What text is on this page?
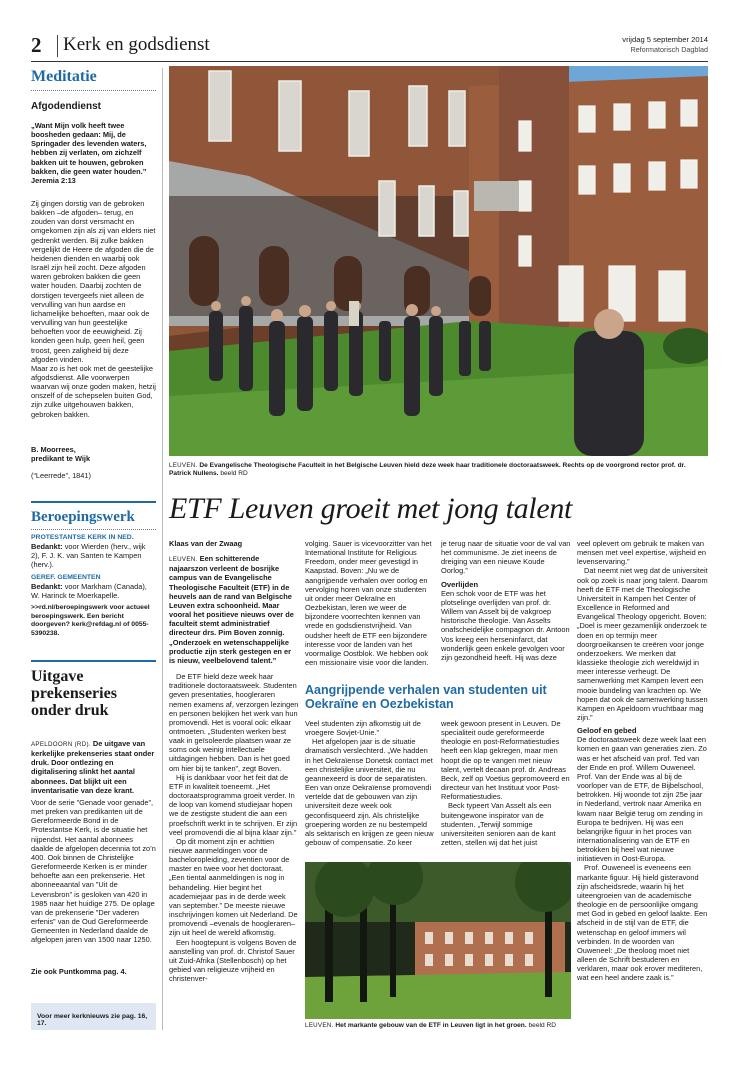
2 Kerk en godsdienst	vrijdag 5 september 2014
Reformatorisch Dagblad
Meditatie
Afgodendienst
„Want Mijn volk heeft twee boosheden gedaan: Mij, de Springader des levenden waters, hebben zij verlaten, om zichzelf bakken uit te houwen, gebroken bakken, die geen water houden.”
Jeremia 2:13

Zij gingen dorstig van de gebroken bakken –de afgoden– terug, en zouden van dorst versmacht en omgekomen zijn als zij van elders niet gedrenkt werden. Bij zulke bakken vergelijkt de Heere de afgoden die de heidenen dienden en waarbij ook Israël zijn heil zocht. Deze afgoden waren gebroken bakken die geen water houden. Daarbij zochten de dorstigen tevergeefs niet alleen de vervulling van hun aardse en lichamelijke behoeften, maar ook de vervulling van hun geestelijke behoeften voor de eeuwigheid. Zij konden geen hulp, geen heil, geen troost, geen zaligheid bij deze afgoden vinden.

Maar zo is het ook met de geestelijke afgodsdienst. Alle voorwerpen waarvan wij onze goden maken, hetzij onszelf of de schepselen buiten God, zijn zulke uitgehouwen bakken, gebroken bakken.

B. Moorrees,
predikant te Wijk
(“Leerrede”, 1841)
Beroepingswerk
PROTESTANTSE KERK IN NED.
Bedankt: voor Wierden (herv., wijk 2), F. J. K. van Santen te Kampen (herv.).
GEREF. GEMEENTEN
Bedankt: voor Markham (Canada), W. Harinck te Moerkapelle.
>>rd.nl/beroepingswerk voor actueel beroepingswerk. Een bericht doorgeven? kerk@refdag.nl of 0055-5390238.
Uitgave prekenseries onder druk
APELDOORN (RD). De uitgave van kerkelijke prekenseries staat onder druk. Door ontlezing en digitalisering slinkt het aantal abonnees. Dat blijkt uit een inventarisatie van deze krant.

Voor de serie ”Genade voor genade”, met preken van predikanten uit de Gereformeerde Bond in de Protestantse Kerk, is de situatie het nijpendst. Het aantal abonnees daalde de afgelopen decennia tot zo’n 400. Ook binnen de Christelijke Gereformeerde Kerken is er minder behoefte aan een prekenserie. Het abonneeaantal van ”Uit de Levensbron” is gesloken van 420 in 1985 naar het huidige 275. De oplage van de prekenserie ”Der vaderen erfenis” van de Oud Gereformeerde Gemeenten in Nederland daalde de afgelopen jaren van 1500 naar 1250.

Zie ook Puntkomma pag. 4.
Voor meer kerknieuws zie pag. 16, 17.
LEUVEN. De Evangelische Theologische Faculteit in het Belgische Leuven hield deze week haar traditionele doctoraatsweek. Rechts op de voorgrond rector prof. dr. Patrick Nullens. beeld RD
ETF Leuven groeit met jong talent

Klaas van der Zwaag

LEUVEN. Een schitterende najaarszon verleent de bosrijke campus van de Evangelische Theologische Faculteit (ETF) in de heuvels aan de rand van Belgische Leuven extra schoonheid. Maar vooral het positieve nieuws over de faculteit stemt administratief directeur drs. Pim Boven zonnig. „Onderzoek en wetenschappelijke productie zijn sterk gestegen en er is nieuw, veelbelovend talent.”

De ETF hield deze week haar traditionele doctoraatsweek. Studenten geven presentaties, hoogleraren nemen examens af, verzorgen lezingen en personen bekijken het werk van hun promovendi. Het is vooral ook: elkaar ontmoeten. „Studenten werken best vaak in geïsoleerde plaatsen waar ze soms ook weinig intellectuele uitdagingen hebben. Dan is het goed om hier bij te tanken”, zegt Boven.

Hij is dankbaar voor het feit dat de ETF in kwaliteit toeneemt. „Het doctoraatsprogramma groeit verder. In de loop van komend studiejaar hopen we de zestigste student die aan een proefschrift werkt in te schrijven. Er zijn veel promovendi die al bijna klaar zijn.”

Op dit moment zijn er achttien nieuwe aanmeldingen voor de bacheloropleiding, zeventien voor de master en twee voor het doctoraat. „Een tiental aanmeldingen is nog in behandeling. Hier begint het academiejaar pas in de derde week van september.” De meeste nieuwe inschrijvingen komen uit Nederland. De promovendi –evenals de hoogleraren– zijn uit heel de wereld afkomstig.

Een hoogtepunt is volgens Boven de aanstelling van prof. dr. Christof Sauer uit Zuid-Afrika (Stellenbosch) op het gebied van religieuze vrijheid en christenver-

volging. Sauer is vicevoorzitter van het International Institute for Religious Freedom, onder meer gevestigd in Kaapstad. Boven: „Nu we de aangrijpende verhalen over oorlog en vervolging horen van onze studenten uit onder meer Oekraïne en Oezbekistan, leren we weer de bijzondere voorrechten kennen van vrede en godsdienstvrijheid. Van oudsher heeft de ETF een bijzondere interesse voor de landen van het voormalige Oostblok. We hebben ook een missionaire visie voor die landen.

je terug naar de situatie voor de val van het communisme. Je ziet ineens de dreiging van een nieuwe Koude Oorlog.”

Overlijden

Een schok voor de ETF was het plotselinge overlijden van prof. dr. Willem van Asselt bij de vakgroep historische theologie. Van Asselts onafscheidelijke compagnon dr. Antoon Vos kreeg een herseninfarct, dat wonderlijk geen enkele gevolgen voor zijn gezondheid heeft. Hij was deze

Aangrijpende verhalen van studenten uit Oekraïne en Oezbekistan

Veel studenten zijn afkomstig uit de vroegere Sovjet-Unie.”

Het afgelopen jaar is de situatie dramatisch verslechterd. „We hadden in het Oekraïense Donetsk contact met een christelijke universiteit, die nu geannexeerd is door de separatisten. Een van onze Oekraïense promovendi vertelde dat de gebouwen van zijn universiteit deze week ook geconfisqueerd zijn. Als christelijke groepering worden ze nu bestempeld als sektarisch en krijgen ze geen nieuw gebouw of compensatie. Zo keer

week gewoon present in Leuven. De specialiteit oude gereformeerde theologie en post-Reformatiestudies heeft een klap gekregen, maar men hoopt die op te vangen met nieuw talent, vertelt decaan prof. dr. Andreas Beck, zelf op Voetius gepromoveerd en directeur van het Instituut voor Post-Reformatiestudies.

Beck typeert Van Asselt als een buitengewone inspirator van de studenten. „Terwijl sommige universiteiten senioren aan de kant zetten, stellen wij dat het juist

veel oplevert om gebruik te maken van mensen met veel expertise, wijsheid en levenservaring.”

Dat neemt niet weg dat de universiteit ook op zoek is naar jong talent. Daarom heeft de ETF met de Theologische Universiteit in Kampen het Center of Excellence in Reformed and Evangelical Theology opgericht. Boven: „Doel is meer gezamenlijk onderzoek te doen en op termijn meer doorgroeikansen te creëren voor jonge onderzoekers. We merken dat klassieke theologie zich wereldwijd in meer interesse verheugt. De samenwerking met Kampen levert een mooie bundeling van krachten op. We hopen dat ook de samenwerking tussen Kampen en Apeldoorn vruchtbaar mag zijn.”

Geloof en gebed

De doctoraatsweek deze week laat een komen en gaan van generaties zien. Zo was er het afscheid van prof. Ted van der Ende en prof. Willem Ouweneel. Prof. Van der Ende was al bij de voorloper van de ETF, de Bijbelschool, betrokken. Hij woonde tot zijn 25e jaar in Nederland, vertrok naar Amerika en kwam naar België terug om zending in Europa te bedrijven. Hij was een belangrijke figuur in het proces van internationalisering van de ETF en betrokken bij heel wat nieuwe initiatieven in Oost-Europa.

Prof. Ouweneel is eveneens een markante figuur. Hij hield gisteravond zijn afscheidsrede, waarin hij het uiteengroeien van de academische theologie en de persoonlijke omgang met God in gebed en geloof laakte. Een afscheid in de stijl van de ETF, die wetenschap en geloof immers wil verbinden. In de woorden van Ouweneel: „De theoloog moet niet alleen de Schrift bestuderen en verklaren, maar ook erover mediteren, wat een heel andere zaak is.”

LEUVEN. Het markante gebouw van de ETF in Leuven ligt in het groen. beeld RD
